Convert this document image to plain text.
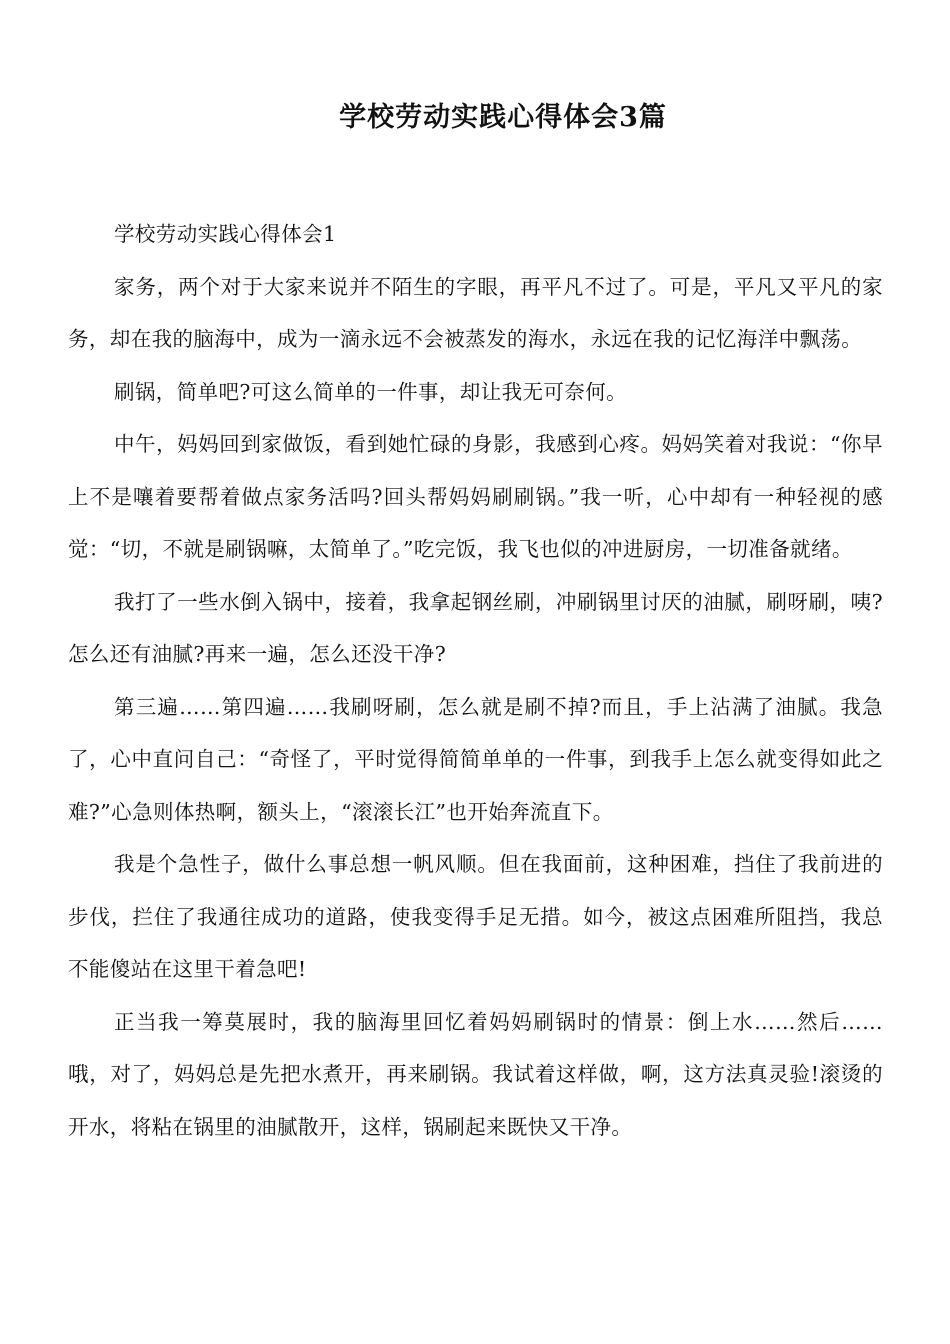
学校劳动实践心得体会3篇

学校劳动实践心得体会1

家务，两个对于大家来说并不陌生的字眼，再平凡不过了。可是，平凡又平凡的家务，却在我的脑海中，成为一滴永远不会被蒸发的海水，永远在我的记忆海洋中飘荡。

刷锅，简单吧?可这么简单的一件事，却让我无可奈何。

中午，妈妈回到家做饭，看到她忙碌的身影，我感到心疼。妈妈笑着对我说：“你早上不是嚷着要帮着做点家务活吗?回头帮妈妈刷刷锅。”我一听，心中却有一种轻视的感觉：“切，不就是刷锅嘛，太简单了。”吃完饭，我飞也似的冲进厨房，一切准备就绪。

我打了一些水倒入锅中，接着，我拿起钢丝刷，冲刷锅里讨厌的油腻，刷呀刷，咦?怎么还有油腻?再来一遍，怎么还没干净?

第三遍……第四遍……我刷呀刷，怎么就是刷不掉?而且，手上沾满了油腻。我急了，心中直问自己：“奇怪了，平时觉得简简单单的一件事，到我手上怎么就变得如此之难?”心急则体热啊，额头上，“滚滚长江”也开始奔流直下。

我是个急性子，做什么事总想一帆风顺。但在我面前，这种困难，挡住了我前进的步伐，拦住了我通往成功的道路，使我变得手足无措。如今，被这点困难所阻挡，我总不能傻站在这里干着急吧!

正当我一筹莫展时，我的脑海里回忆着妈妈刷锅时的情景：倒上水……然后……哦，对了，妈妈总是先把水煮开，再来刷锅。我试着这样做，啊，这方法真灵验!滚烫的开水，将粘在锅里的油腻散开，这样，锅刷起来既快又干净。
